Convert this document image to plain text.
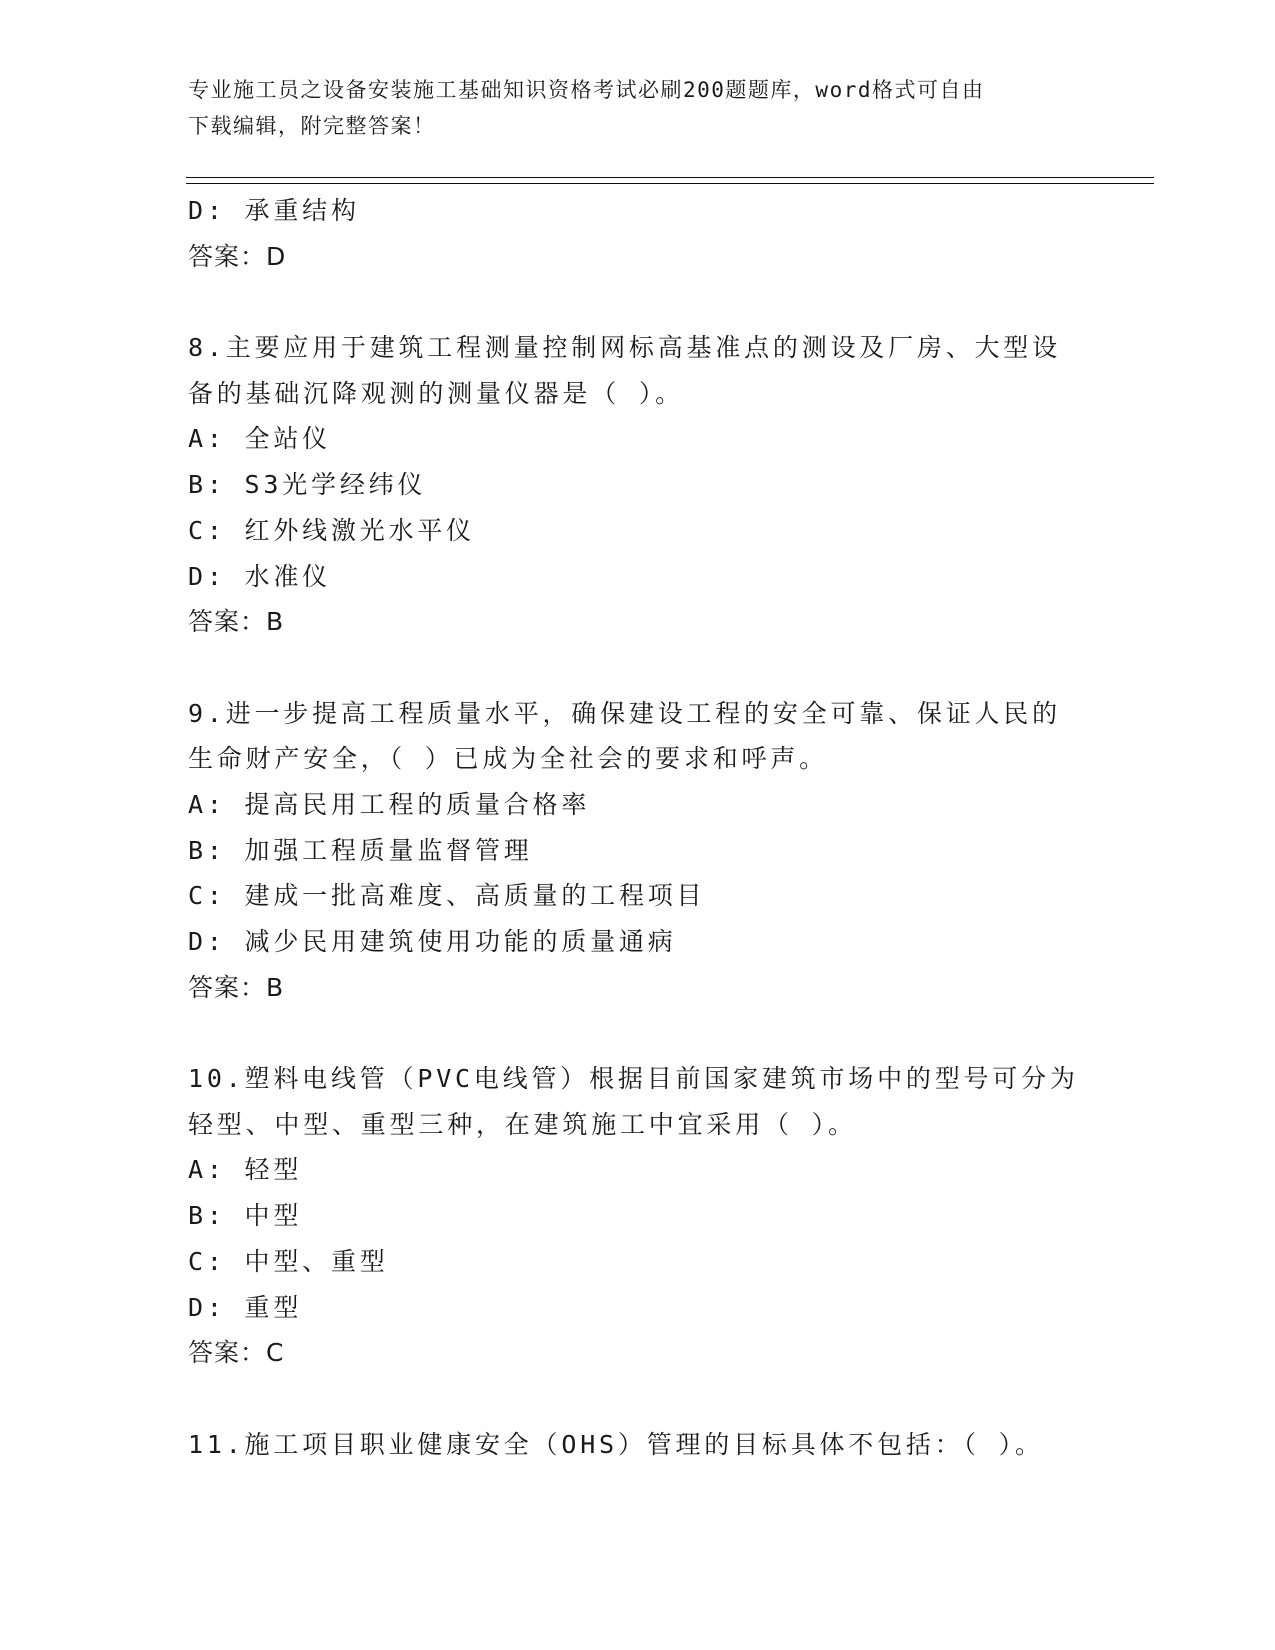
专业施工员之设备安装施工基础知识资格考试必刷200题题库，word格式可自由
下载编辑，附完整答案！
D: 承重结构
答案：D
8.主要应用于建筑工程测量控制网标高基准点的测设及厂房、大型设
备的基础沉降观测的测量仪器是（ ）。
A: 全站仪
B: S3光学经纬仪
C: 红外线激光水平仪
D: 水准仪
答案：B
9.进一步提高工程质量水平，确保建设工程的安全可靠、保证人民的
生命财产安全，（ ）已成为全社会的要求和呼声。
A: 提高民用工程的质量合格率
B: 加强工程质量监督管理
C: 建成一批高难度、高质量的工程项目
D: 减少民用建筑使用功能的质量通病
答案：B
10.塑料电线管（PVC电线管）根据目前国家建筑市场中的型号可分为
轻型、中型、重型三种，在建筑施工中宜采用（ ）。
A: 轻型
B: 中型
C: 中型、重型
D: 重型
答案：C
11.施工项目职业健康安全（OHS）管理的目标具体不包括：（ ）。
